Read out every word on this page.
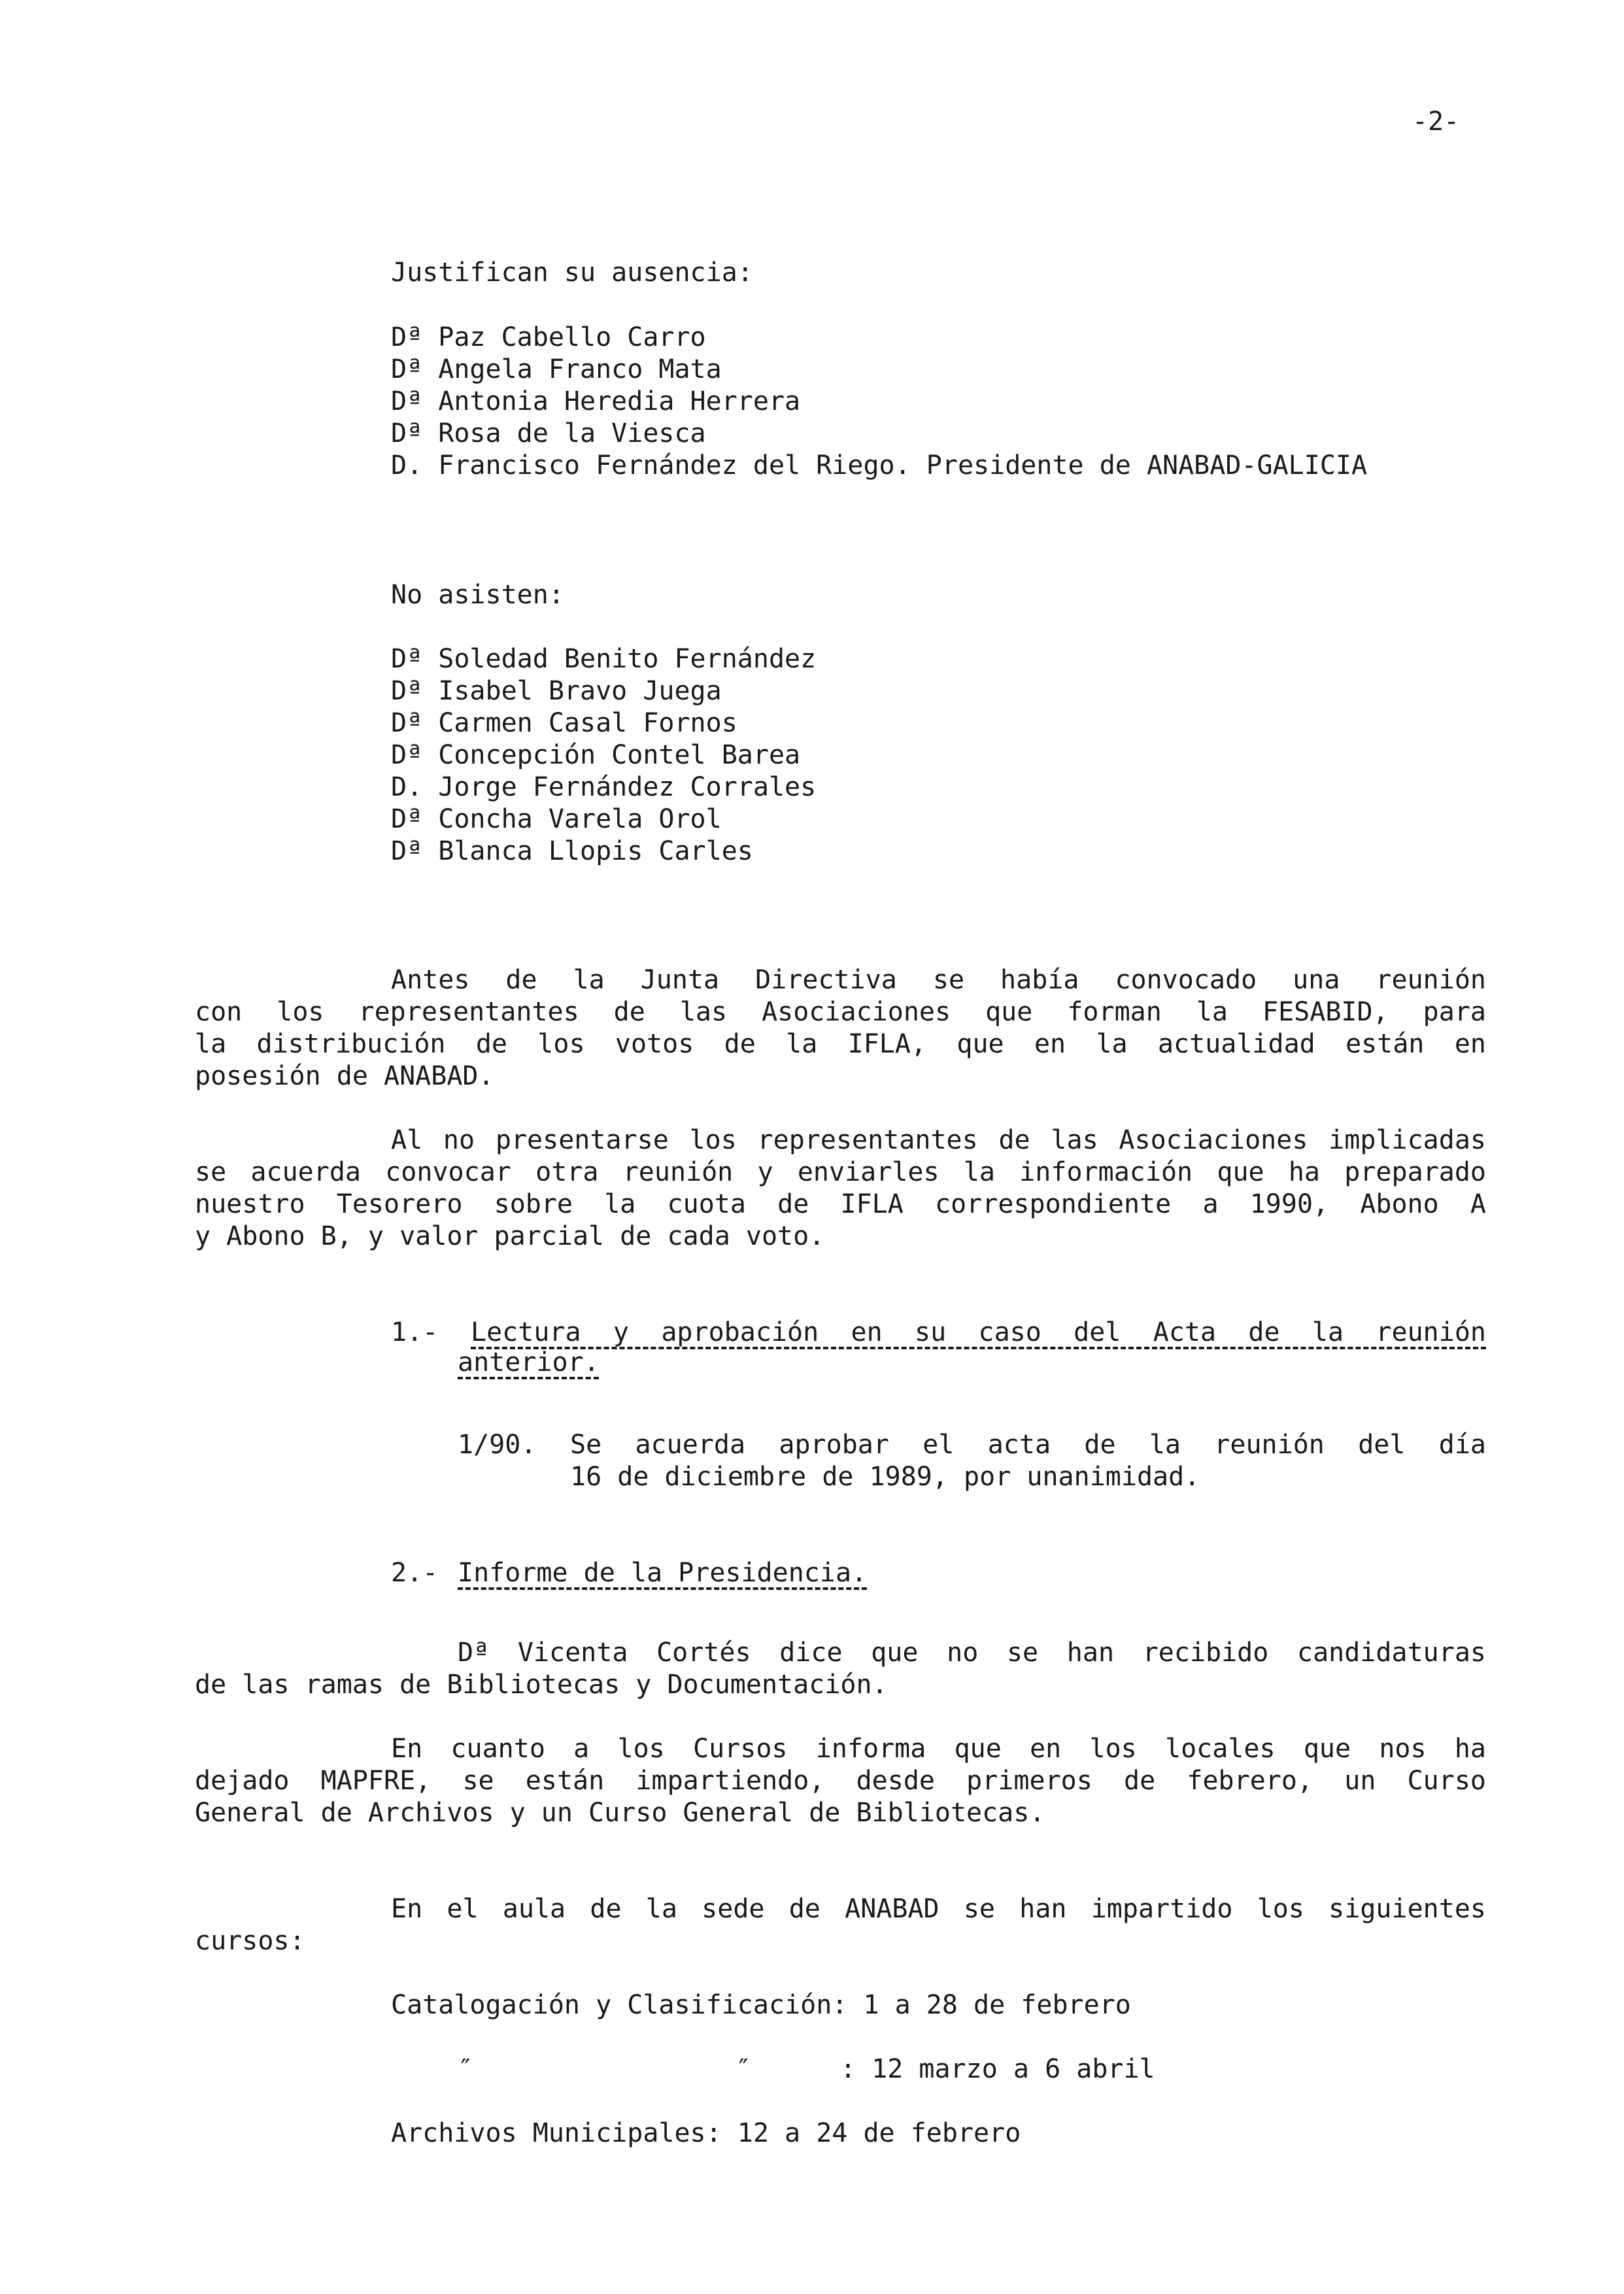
-2-
Justifican su ausencia:
Dª Paz Cabello Carro
Dª Angela Franco Mata
Dª Antonia Heredia Herrera
Dª Rosa de la Viesca
D. Francisco Fernández del Riego. Presidente de ANABAD-GALICIA
No asisten:
Dª Soledad Benito Fernández
Dª Isabel Bravo Juega
Dª Carmen Casal Fornos
Dª Concepción Contel Barea
D. Jorge Fernández Corrales
Dª Concha Varela Orol
Dª Blanca Llopis Carles
Antes de la Junta Directiva se había convocado una reunión
con los representantes de las Asociaciones que forman la FESABID, para
la distribución de los votos de la IFLA, que en la actualidad están en
posesión de ANABAD.
Al no presentarse los representantes de las Asociaciones implicadas
se acuerda convocar otra reunión y enviarles la información que ha preparado
nuestro Tesorero sobre la cuota de IFLA correspondiente a 1990, Abono A
y Abono B, y valor parcial de cada voto.
1.- Lectura y aprobación en su caso del Acta de la reunión
anterior.
1/90. Se acuerda aprobar el acta de la reunión del día
16 de diciembre de 1989, por unanimidad.
2.- Informe de la Presidencia.
Dª Vicenta Cortés dice que no se han recibido candidaturas
de las ramas de Bibliotecas y Documentación.
En cuanto a los Cursos informa que en los locales que nos ha
dejado MAPFRE, se están impartiendo, desde primeros de febrero, un Curso
General de Archivos y un Curso General de Bibliotecas.
En el aula de la sede de ANABAD se han impartido los siguientes
cursos:
Catalogación y Clasificación: 1 a 28 de febrero
″	″	: 12 marzo a 6 abril
Archivos Municipales: 12 a 24 de febrero
